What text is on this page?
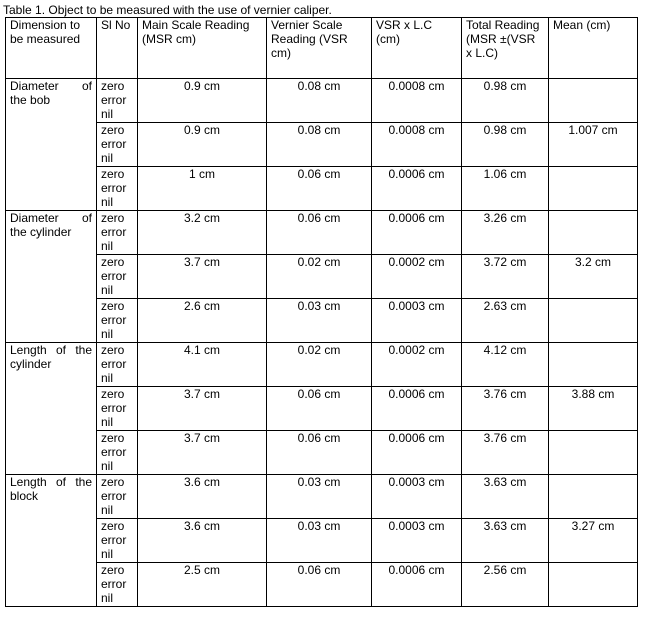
Table 1. Object to be measured with the use of vernier caliper.
Dimension to be measured	Sl No	Main Scale Reading (MSR cm)	Vernier Scale Reading (VSR cm)	VSR x L.C (cm)	Total Reading (MSR ±(VSR x L.C)	Mean (cm)
Diameter of the bob	zero error nil	0.9 cm	0.08 cm	0.0008 cm	0.98 cm	
	zero error nil	0.9 cm	0.08 cm	0.0008 cm	0.98 cm	1.007 cm
	zero error nil	1 cm	0.06 cm	0.0006 cm	1.06 cm	
Diameter of the cylinder	zero error nil	3.2 cm	0.06 cm	0.0006 cm	3.26 cm	
	zero error nil	3.7 cm	0.02 cm	0.0002 cm	3.72 cm	3.2 cm
	zero error nil	2.6 cm	0.03 cm	0.0003 cm	2.63 cm	
Length of the cylinder	zero error nil	4.1 cm	0.02 cm	0.0002 cm	4.12 cm	
	zero error nil	3.7 cm	0.06 cm	0.0006 cm	3.76 cm	3.88 cm
	zero error nil	3.7 cm	0.06 cm	0.0006 cm	3.76 cm	
Length of the block	zero error nil	3.6 cm	0.03 cm	0.0003 cm	3.63 cm	
	zero error nil	3.6 cm	0.03 cm	0.0003 cm	3.63 cm	3.27 cm
	zero error nil	2.5 cm	0.06 cm	0.0006 cm	2.56 cm	
